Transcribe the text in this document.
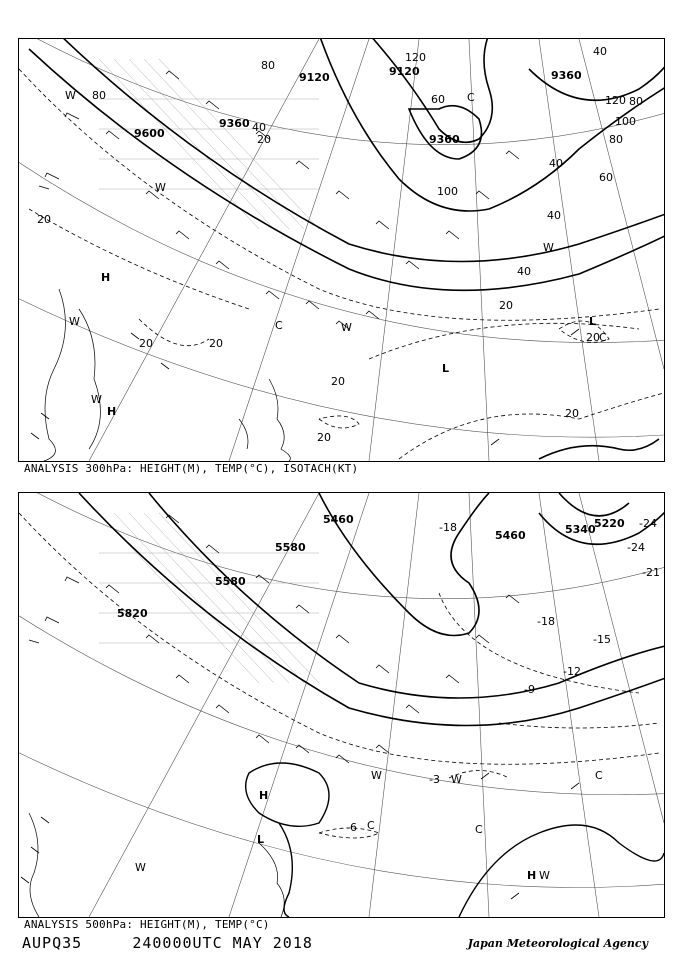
9120	9120
9360
9360
9600
9360
80
80
40
20
60	120
100
80
40
20
20	20
20
20
40
40
60
80
100
120
20
40
20
20
H
H
L
L
C
C
W
W
W
W
W
W
C
ANALYSIS 300hPa: HEIGHT(M), TEMP(°C), ISOTACH(KT)
5220
5340
5460
5580
5580
5820
5460
-24
-21
-24
-18
-18
-15
-12
-9
-3
-6
H
H
L
C
C
C
W	W
W
W
ANALYSIS 500hPa: HEIGHT(M), TEMP(°C)
AUPQ35	240000UTC MAY 2018	Japan Meteorological Agency
